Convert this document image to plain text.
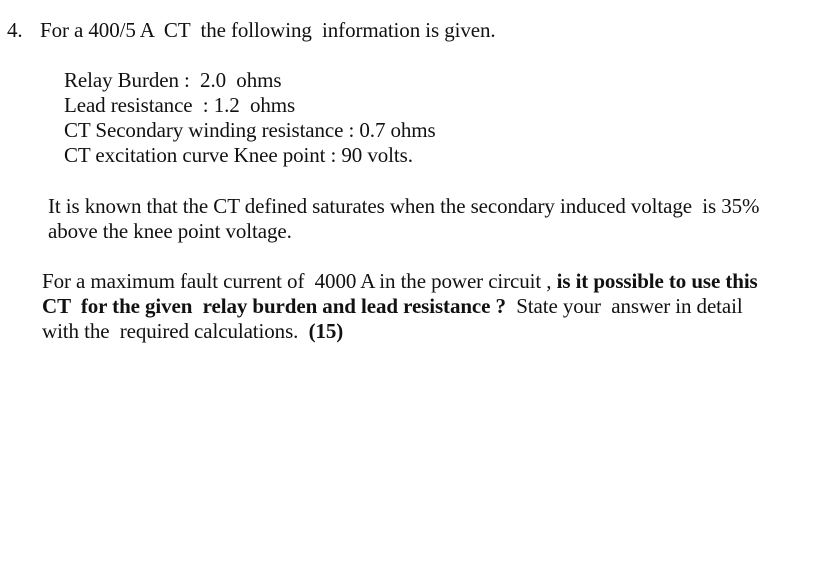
4. For a 400/5 A  CT  the following  information is given.
Relay Burden :  2.0  ohms
Lead resistance  : 1.2  ohms
CT Secondary winding resistance : 0.7 ohms
CT excitation curve Knee point : 90 volts.
It is known that the CT defined saturates when the secondary induced voltage  is 35%
above the knee point voltage.
For a maximum fault current of  4000 A in the power circuit , is it possible to use this
CT  for the given  relay burden and lead resistance ?  State your  answer in detail
with the  required calculations.  (15)
